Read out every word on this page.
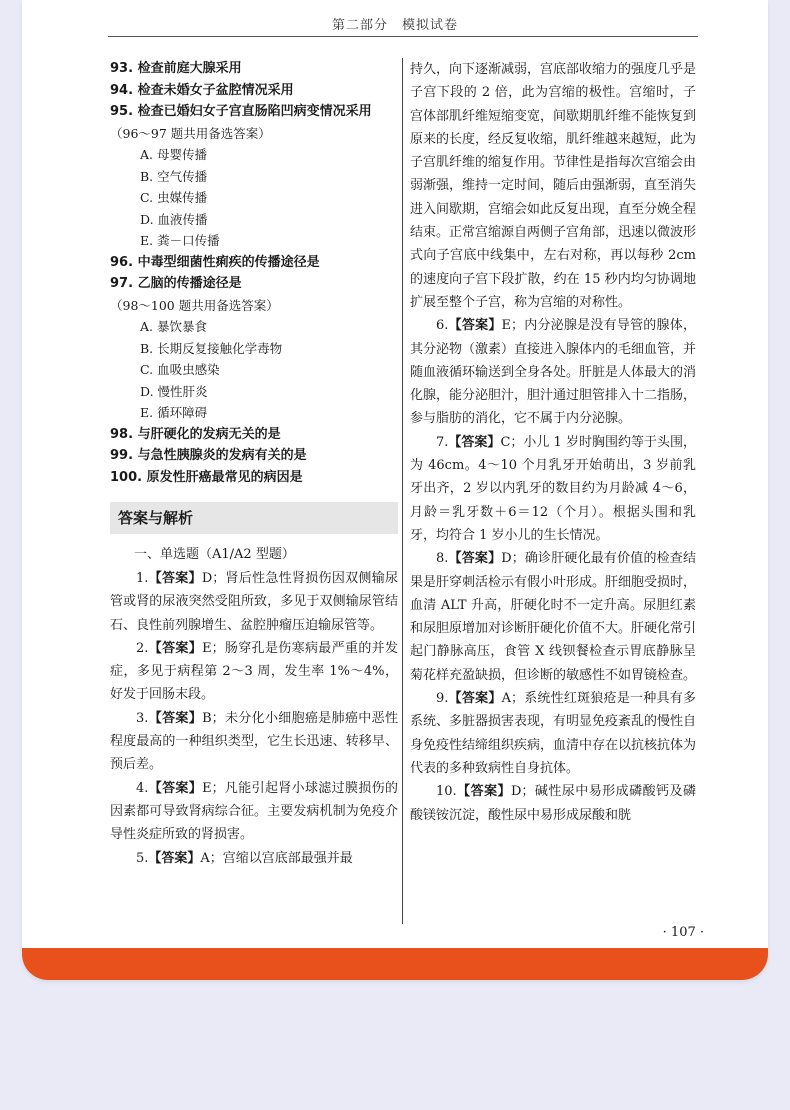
第二部分　模拟试卷
93. 检查前庭大腺采用
94. 检查未婚女子盆腔情况采用
95. 检查已婚妇女子宫直肠陷凹病变情况采用
（96～97 题共用备选答案）
A. 母婴传播
B. 空气传播
C. 虫媒传播
D. 血液传播
E. 粪－口传播
96. 中毒型细菌性痢疾的传播途径是
97. 乙脑的传播途径是
（98～100 题共用备选答案）
A. 暴饮暴食
B. 长期反复接触化学毒物
C. 血吸虫感染
D. 慢性肝炎
E. 循环障碍
98. 与肝硬化的发病无关的是
99. 与急性胰腺炎的发病有关的是
100. 原发性肝癌最常见的病因是
答案与解析
一、单选题（A1/A2 型题）
1.【答案】D；肾后性急性肾损伤因双侧输尿管或肾的尿液突然受阻所致，多见于双侧输尿管结石、良性前列腺增生、盆腔肿瘤压迫输尿管等。
2.【答案】E；肠穿孔是伤寒病最严重的并发症，多见于病程第 2～3 周，发生率 1%～4%，好发于回肠末段。
3.【答案】B；未分化小细胞癌是肺癌中恶性程度最高的一种组织类型，它生长迅速、转移早、预后差。
4.【答案】E；凡能引起肾小球滤过膜损伤的因素都可导致肾病综合征。主要发病机制为免疫介导性炎症所致的肾损害。
5.【答案】A；宫缩以宫底部最强并最
持久，向下逐渐减弱，宫底部收缩力的强度几乎是子宫下段的 2 倍，此为宫缩的极性。宫缩时，子宫体部肌纤维短缩变宽，间歇期肌纤维不能恢复到原来的长度，经反复收缩，肌纤维越来越短，此为子宫肌纤维的缩复作用。节律性是指每次宫缩会由弱渐强，维持一定时间，随后由强渐弱，直至消失进入间歇期，宫缩会如此反复出现，直至分娩全程结束。正常宫缩源自两侧子宫角部，迅速以微波形式向子宫底中线集中，左右对称，再以每秒 2cm 的速度向子宫下段扩散，约在 15 秒内均匀协调地扩展至整个子宫，称为宫缩的对称性。
6.【答案】E；内分泌腺是没有导管的腺体，其分泌物（激素）直接进入腺体内的毛细血管，并随血液循环输送到全身各处。肝脏是人体最大的消化腺，能分泌胆汁，胆汁通过胆管排入十二指肠，参与脂肪的消化，它不属于内分泌腺。
7.【答案】C；小儿 1 岁时胸围约等于头围，为 46cm。4～10 个月乳牙开始萌出，3 岁前乳牙出齐，2 岁以内乳牙的数目约为月龄减 4～6，月龄＝乳牙数＋6＝12（个月）。根据头围和乳牙，均符合 1 岁小儿的生长情况。
8.【答案】D；确诊肝硬化最有价值的检查结果是肝穿刺活检示有假小叶形成。肝细胞受损时，血清 ALT 升高，肝硬化时不一定升高。尿胆红素和尿胆原增加对诊断肝硬化价值不大。肝硬化常引起门静脉高压，食管 X 线钡餐检查示胃底静脉呈菊花样充盈缺损，但诊断的敏感性不如胃镜检查。
9.【答案】A；系统性红斑狼疮是一种具有多系统、多脏器损害表现，有明显免疫紊乱的慢性自身免疫性结缔组织疾病，血清中存在以抗核抗体为代表的多种致病性自身抗体。
10.【答案】D；碱性尿中易形成磷酸钙及磷酸镁铵沉淀，酸性尿中易形成尿酸和胱
· 107 ·
